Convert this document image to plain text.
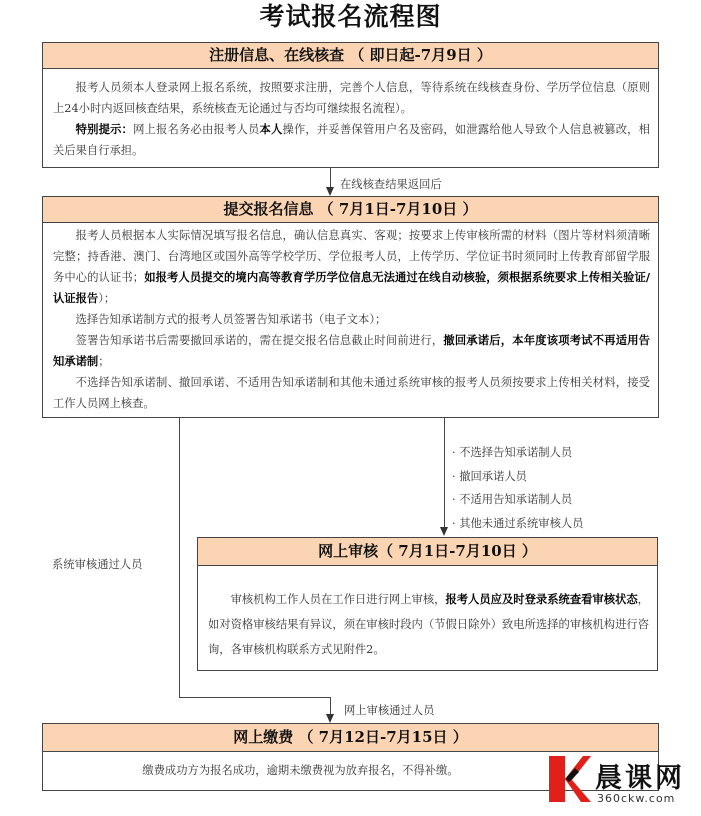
考试报名流程图
注册信息、在线核查 （ 即日起-7月9日 ）

报考人员须本人登录网上报名系统，按照要求注册，完善个人信息，等待系统在线核查身份、学历学位信息（原则上24小时内返回核查结果，系统核查无论通过与否均可继续报名流程）。

特别提示：网上报名务必由报考人员本人操作，并妥善保管用户名及密码，如泄露给他人导致个人信息被篡改，相关后果自行承担。

在线核查结果返回后
提交报名信息 （ 7月1日-7月10日 ）

报考人员根据本人实际情况填写报名信息，确认信息真实、客观；按要求上传审核所需的材料（图片等材料须清晰完整；持香港、澳门、台湾地区或国外高等学校学历、学位报考人员，上传学历、学位证书时须同时上传教育部留学服务中心的认证书；如报考人员提交的境内高等教育学历学位信息无法通过在线自动核验，须根据系统要求上传相关验证/认证报告）；

选择告知承诺制方式的报考人员签署告知承诺书（电子文本）；

签署告知承诺书后需要撤回承诺的，需在提交报名信息截止时间前进行，撤回承诺后，本年度该项考试不再适用告知承诺制；

不选择告知承诺制、撤回承诺、不适用告知承诺制和其他未通过系统审核的报考人员须按要求上传相关材料，接受工作人员网上核查。

系统审核通过人员
· 不选择告知承诺制人员
· 撤回承诺人员
· 不适用告知承诺制人员
· 其他未通过系统审核人员
网上审核（ 7月1日-7月10日 ）

审核机构工作人员在工作日进行网上审核，报考人员应及时登录系统查看审核状态，如对资格审核结果有异议，须在审核时段内（节假日除外）致电所选择的审核机构进行咨询，各审核机构联系方式见附件2。

网上审核通过人员
网上缴费 （ 7月12日-7月15日 ）
缴费成功方为报名成功，逾期未缴费视为放弃报名，不得补缴。	晨课网
360ckw.com
